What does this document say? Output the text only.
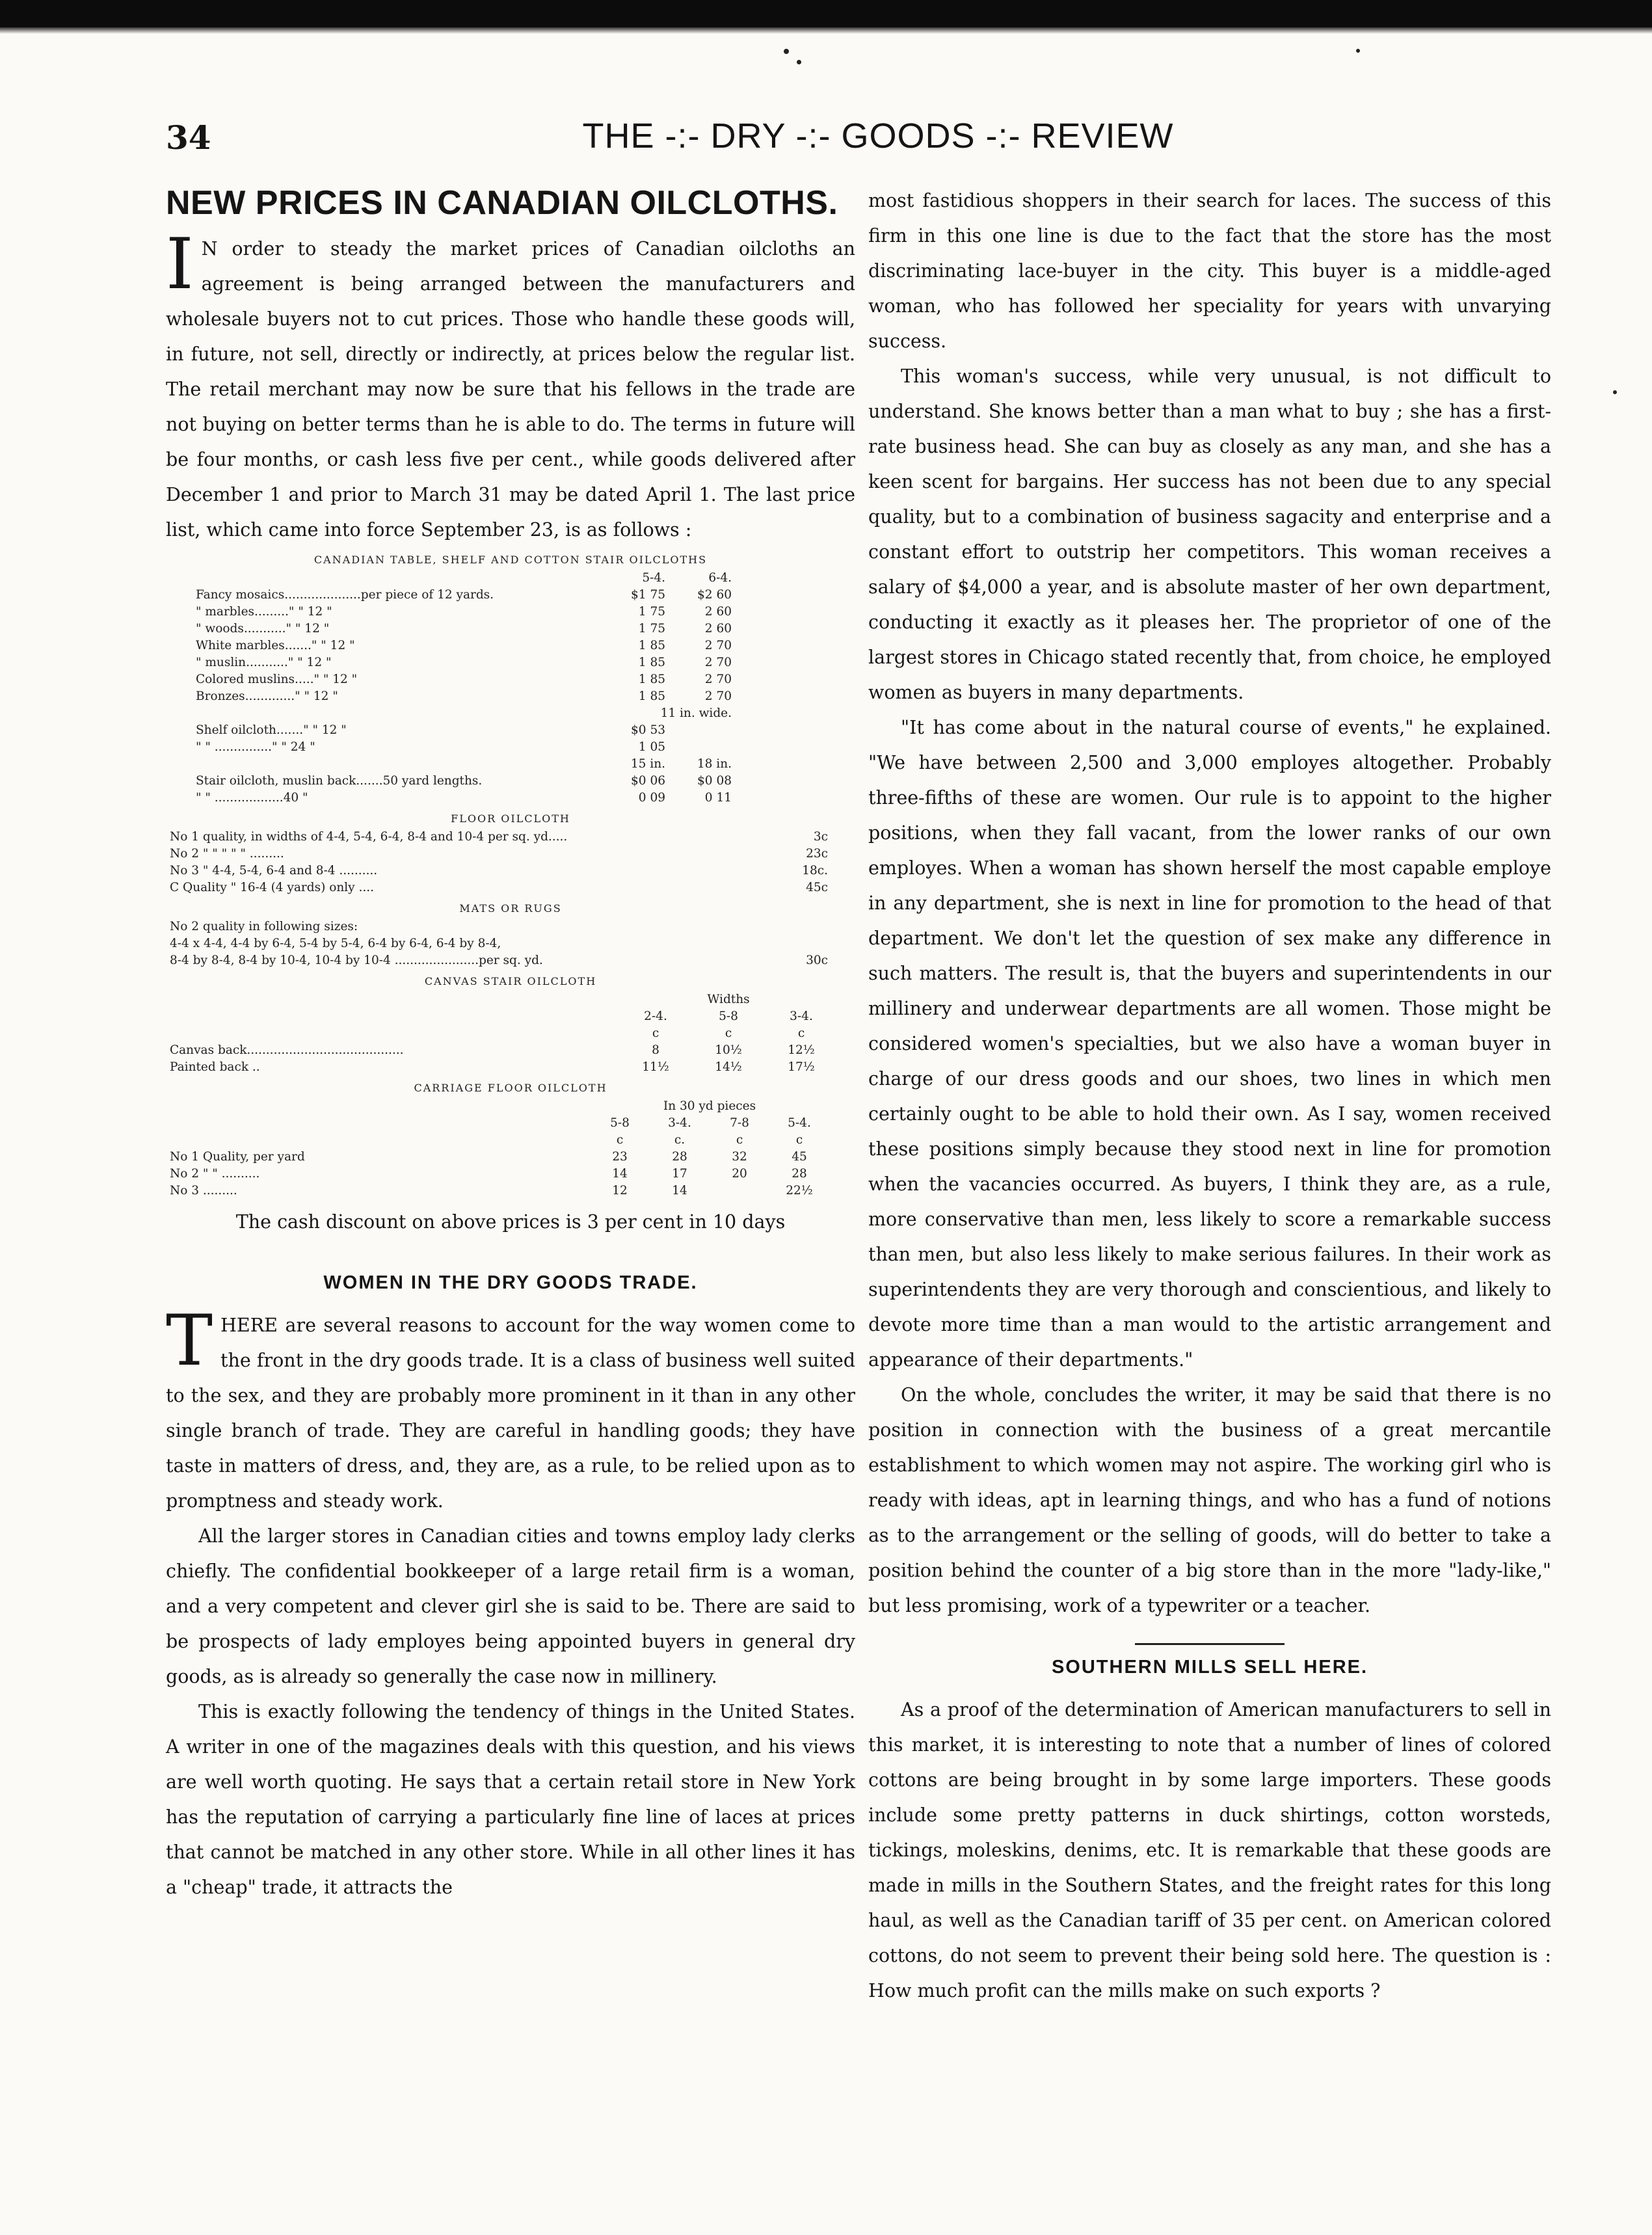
34	THE -:- DRY -:- GOODS -:- REVIEW
NEW PRICES IN CANADIAN OILCLOTHS.

I N order to steady the market prices of Canadian oilcloths an agreement is being arranged between the manufacturers and wholesale buyers not to cut prices. Those who handle these goods will, in future, not sell, directly or indirectly, at prices below the regular list. The retail merchant may now be sure that his fellows in the trade are not buying on better terms than he is able to do. The terms in future will be four months, or cash less five per cent., while goods delivered after December 1 and prior to March 31 may be dated April 1. The last price list, which came into force September 23, is as follows :

CANADIAN TABLE, SHELF AND COTTON STAIR OILCLOTHS
	5-4.	6-4.
Fancy mosaics....................per piece of 12 yards.	$1 75	$2 60
" marbles........." " 12 "	1 75	2 60
" woods..........." " 12 "	1 75	2 60
White marbles......." " 12 "	1 85	2 70
" muslin..........." " 12 "	1 85	2 70
Colored muslins....." " 12 "	1 85	2 70
Bronzes............." " 12 "	1 85	2 70
	11 in. wide.	
Shelf oilcloth......." " 12 "	$0 53	
" " ..............." " 24 "	1 05	
	15 in.	18 in.
Stair oilcloth, muslin back.......50 yard lengths.	$0 06	$0 08
" " ..................40 "	0 09	0 11
FLOOR OILCLOTH
No 1 quality, in widths of 4-4, 5-4, 6-4, 8-4 and 10-4 per sq. yd.....	3c
No 2 " " " " " .........	23c
No 3 " 4-4, 5-4, 6-4 and 8-4 ..........	18c.
C Quality " 16-4 (4 yards) only ....	45c
MATS OR RUGS
No 2 quality in following sizes:	
4-4 x 4-4, 4-4 by 6-4, 5-4 by 5-4, 6-4 by 6-4, 6-4 by 8-4,	
8-4 by 8-4, 8-4 by 10-4, 10-4 by 10-4 ......................per sq. yd.	30c
CANVAS STAIR OILCLOTH
	Widths		
	2-4.	5-8	3-4.
	c	c	c
Canvas back.........................................	8	10½	12½
Painted back ..	11½	14½	17½
CARRIAGE FLOOR OILCLOTH
	In 30 yd pieces			
	5-8	3-4.	7-8	5-4.
	c	c.	c	c
No 1 Quality, per yard	23	28	32	45
No 2 " " ..........	14	17	20	28
No 3 .........	12	14		22½

The cash discount on above prices is 3 per cent in 10 days

WOMEN IN THE DRY GOODS TRADE.

THERE are several reasons to account for the way women come to the front in the dry goods trade. It is a class of business well suited to the sex, and they are probably more prominent in it than in any other single branch of trade. They are careful in handling goods; they have taste in matters of dress, and, they are, as a rule, to be relied upon as to promptness and steady work.

All the larger stores in Canadian cities and towns employ lady clerks chiefly. The confidential bookkeeper of a large retail firm is a woman, and a very competent and clever girl she is said to be. There are said to be prospects of lady employes being appointed buyers in general dry goods, as is already so generally the case now in millinery.

This is exactly following the tendency of things in the United States. A writer in one of the magazines deals with this question, and his views are well worth quoting. He says that a certain retail store in New York has the reputation of carrying a particularly fine line of laces at prices that cannot be matched in any other store. While in all other lines it has a "cheap" trade, it attracts the

most fastidious shoppers in their search for laces. The success of this firm in this one line is due to the fact that the store has the most discriminating lace-buyer in the city. This buyer is a middle-aged woman, who has followed her speciality for years with unvarying success.

This woman's success, while very unusual, is not difficult to understand. She knows better than a man what to buy ; she has a first-rate business head. She can buy as closely as any man, and she has a keen scent for bargains. Her success has not been due to any special quality, but to a combination of business sagacity and enterprise and a constant effort to outstrip her competitors. This woman receives a salary of $4,000 a year, and is absolute master of her own department, conducting it exactly as it pleases her. The proprietor of one of the largest stores in Chicago stated recently that, from choice, he employed women as buyers in many departments.

"It has come about in the natural course of events," he explained. "We have between 2,500 and 3,000 employes altogether. Probably three-fifths of these are women. Our rule is to appoint to the higher positions, when they fall vacant, from the lower ranks of our own employes. When a woman has shown herself the most capable employe in any department, she is next in line for promotion to the head of that department. We don't let the question of sex make any difference in such matters. The result is, that the buyers and superintendents in our millinery and underwear departments are all women. Those might be considered women's specialties, but we also have a woman buyer in charge of our dress goods and our shoes, two lines in which men certainly ought to be able to hold their own. As I say, women received these positions simply because they stood next in line for promotion when the vacancies occurred. As buyers, I think they are, as a rule, more conservative than men, less likely to score a remarkable success than men, but also less likely to make serious failures. In their work as superintendents they are very thorough and conscientious, and likely to devote more time than a man would to the artistic arrangement and appearance of their departments."

On the whole, concludes the writer, it may be said that there is no position in connection with the business of a great mercantile establishment to which women may not aspire. The working girl who is ready with ideas, apt in learning things, and who has a fund of notions as to the arrangement or the selling of goods, will do better to take a position behind the counter of a big store than in the more "lady-like," but less promising, work of a typewriter or a teacher.

SOUTHERN MILLS SELL HERE.

As a proof of the determination of American manufacturers to sell in this market, it is interesting to note that a number of lines of colored cottons are being brought in by some large importers. These goods include some pretty patterns in duck shirtings, cotton worsteds, tickings, moleskins, denims, etc. It is remarkable that these goods are made in mills in the Southern States, and the freight rates for this long haul, as well as the Canadian tariff of 35 per cent. on American colored cottons, do not seem to prevent their being sold here. The question is : How much profit can the mills make on such exports ?
